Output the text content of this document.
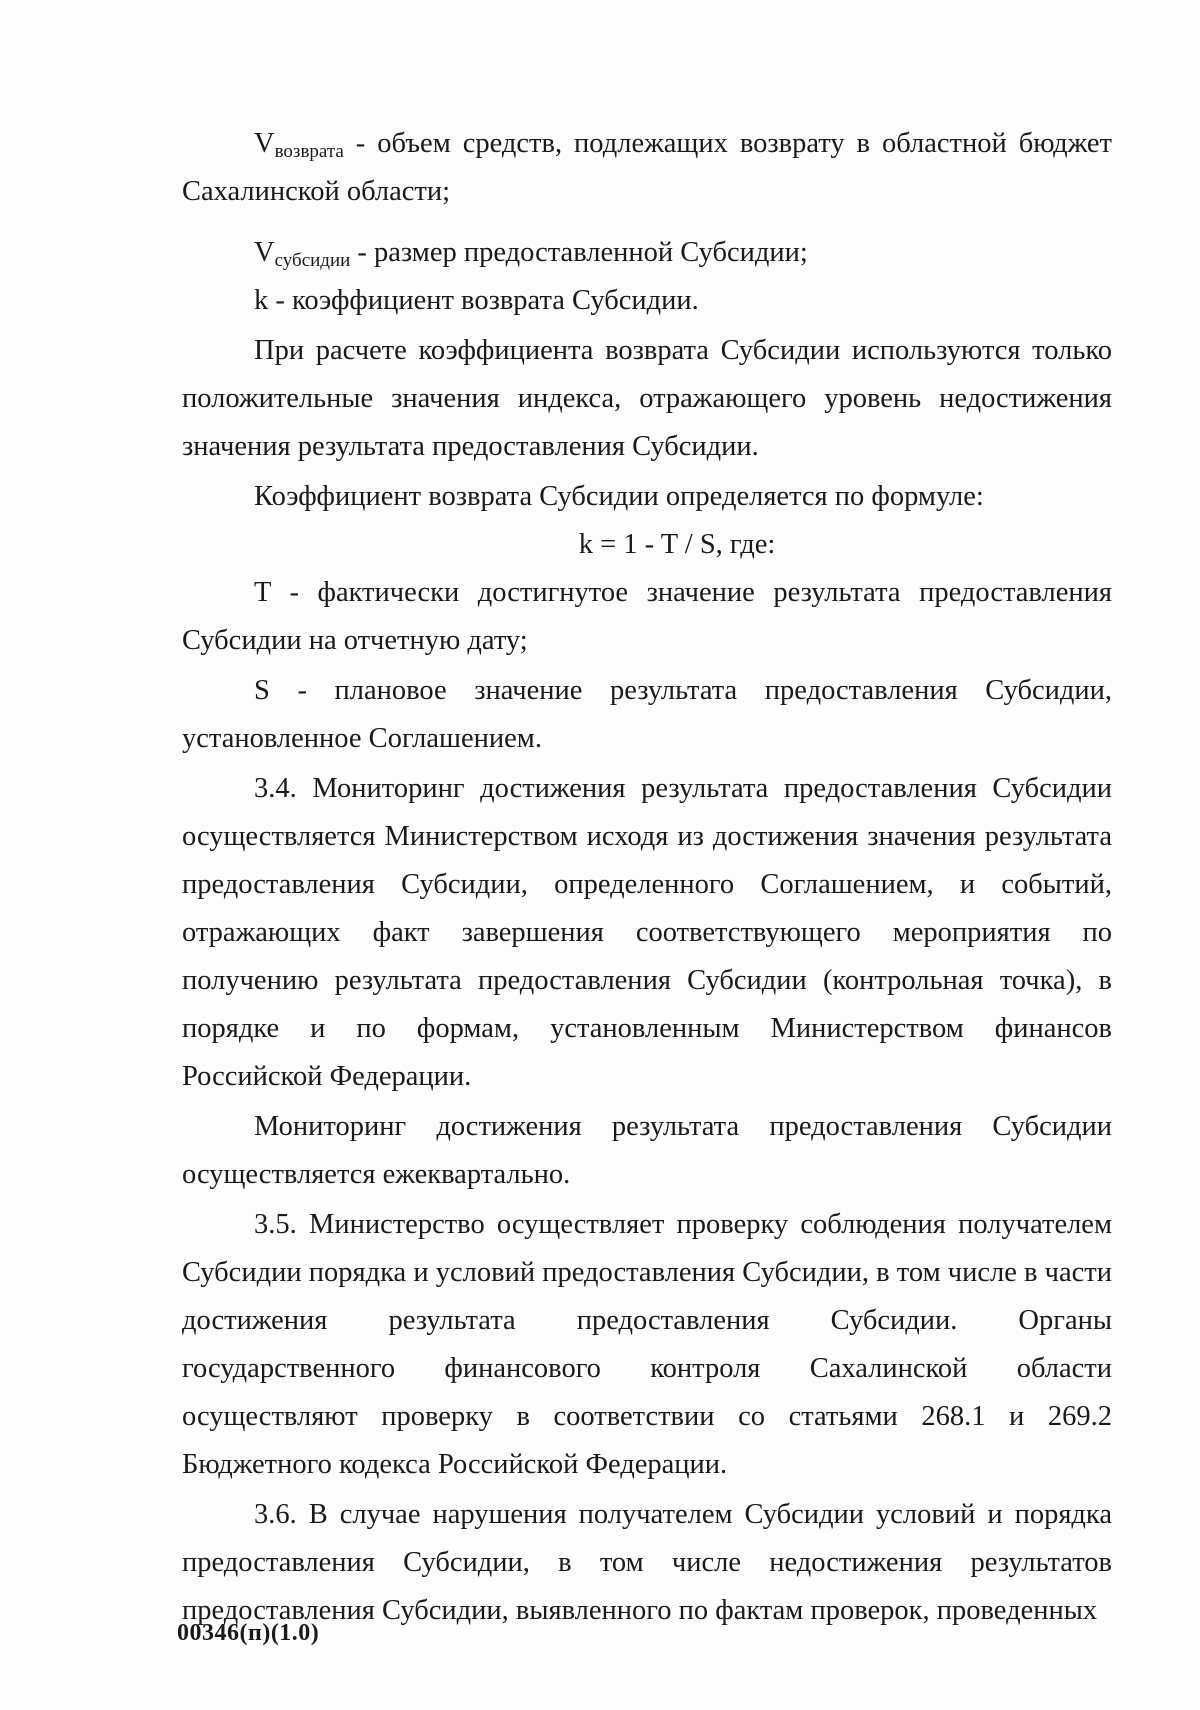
$V_{возврата}$ - объем средств, подлежащих возврату в областной бюджет Сахалинской области;

$V_{субсидии}$ - размер предоставленной Субсидии;

k - коэффициент возврата Субсидии.

При расчете коэффициента возврата Субсидии используются только положительные значения индекса, отражающего уровень недостижения значения результата предоставления Субсидии.

Коэффициент возврата Субсидии определяется по формуле:

k = 1 - T / S, где:

T - фактически достигнутое значение результата предоставления Субсидии на отчетную дату;

S - плановое значение результата предоставления Субсидии, установленное Соглашением.

3.4. Мониторинг достижения результата предоставления Субсидии осуществляется Министерством исходя из достижения значения результата предоставления Субсидии, определенного Соглашением, и событий, отражающих факт завершения соответствующего мероприятия по получению результата предоставления Субсидии (контрольная точка), в порядке и по формам, установленным Министерством финансов Российской Федерации.

Мониторинг достижения результата предоставления Субсидии осуществляется ежеквартально.

3.5. Министерство осуществляет проверку соблюдения получателем Субсидии порядка и условий предоставления Субсидии, в том числе в части достижения результата предоставления Субсидии. Органы государственного финансового контроля Сахалинской области осуществляют проверку в соответствии со статьями 268.1 и 269.2 Бюджетного кодекса Российской Федерации.

3.6. В случае нарушения получателем Субсидии условий и порядка предоставления Субсидии, в том числе недостижения результатов предоставления Субсидии, выявленного по фактам проверок, проведенных

00346(п)(1.0)
